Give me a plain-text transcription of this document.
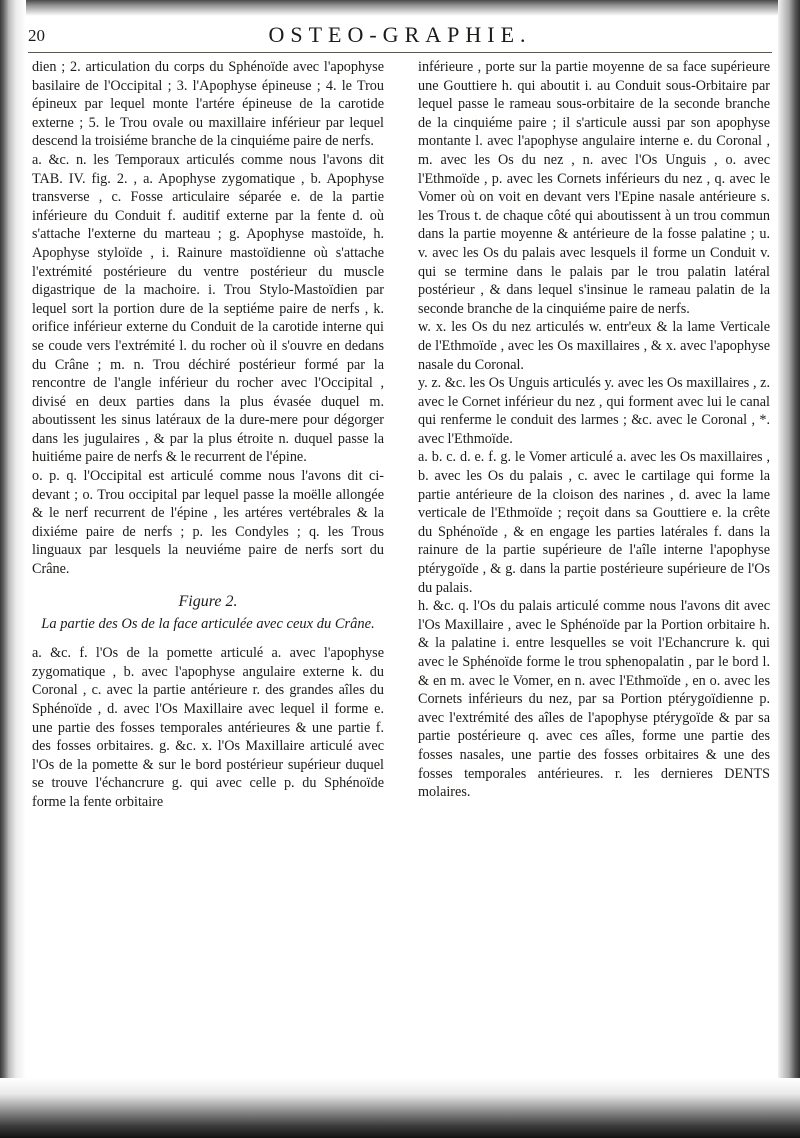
20	OSTEO-GRAPHIE.

dien ; 2. articulation du corps du Sphénoïde avec l'apophyse basilaire de l'Occipital ; 3. l'Apophyse épineuse ; 4. le Trou épineux par lequel monte l'artére épineuse de la carotide externe ; 5. le Trou ovale ou maxillaire inférieur par lequel descend la troisiéme branche de la cinquiéme paire de nerfs.

a. &c. n. les Temporaux articulés comme nous l'avons dit TAB. IV. fig. 2. , a. Apophyse zygomatique , b. Apophyse transverse , c. Fosse articulaire séparée e. de la partie inférieure du Conduit f. auditif externe par la fente d. où s'attache l'externe du marteau ; g. Apophyse mastoïde, h. Apophyse styloïde , i. Rainure mastoïdienne où s'attache l'extrémité postérieure du ventre postérieur du muscle digastrique de la machoire. i. Trou Stylo-Mastoïdien par lequel sort la portion dure de la septiéme paire de nerfs , k. orifice inférieur externe du Conduit de la carotide interne qui se coude vers l'extrémité l. du rocher où il s'ouvre en dedans du Crâne ; m. n. Trou déchiré postérieur formé par la rencontre de l'angle inférieur du rocher avec l'Occipital , divisé en deux parties dans la plus évasée duquel m. aboutissent les sinus latéraux de la dure-mere pour dégorger dans les jugulaires , & par la plus étroite n. duquel passe la huitiéme paire de nerfs & le recurrent de l'épine.

o. p. q. l'Occipital est articulé comme nous l'avons dit ci-devant ; o. Trou occipital par lequel passe la moëlle allongée & le nerf recurrent de l'épine , les artéres vertébrales & la dixiéme paire de nerfs ; p. les Condyles ; q. les Trous linguaux par lesquels la neuviéme paire de nerfs sort du Crâne.

Figure 2.

La partie des Os de la face articulée avec ceux du Crâne.

a. &c. f. l'Os de la pomette articulé a. avec l'apophyse zygomatique , b. avec l'apophyse angulaire externe k. du Coronal , c. avec la partie antérieure r. des grandes aîles du Sphénoïde , d. avec l'Os Maxillaire avec lequel il forme e. une partie des fosses temporales antérieures & une partie f. des fosses orbitaires. g. &c. x. l'Os Maxillaire articulé avec l'Os de la pomette & sur le bord postérieur supérieur duquel se trouve l'échancrure g. qui avec celle p. du Sphénoïde forme la fente orbitaire

inférieure , porte sur la partie moyenne de sa face supérieure une Gouttiere h. qui aboutit i. au Conduit sous-Orbitaire par lequel passe le rameau sous-orbitaire de la seconde branche de la cinquiéme paire ; il s'articule aussi par son apophyse montante l. avec l'apophyse angulaire interne e. du Coronal , m. avec les Os du nez , n. avec l'Os Unguis , o. avec l'Ethmoïde , p. avec les Cornets inférieurs du nez , q. avec le Vomer où on voit en devant vers l'Epine nasale antérieure s. les Trous t. de chaque côté qui aboutissent à un trou commun dans la partie moyenne & antérieure de la fosse palatine ; u. v. avec les Os du palais avec lesquels il forme un Conduit v. qui se termine dans le palais par le trou palatin latéral postérieur , & dans lequel s'insinue le rameau palatin de la seconde branche de la cinquiéme paire de nerfs.

w. x. les Os du nez articulés w. entr'eux & la lame Verticale de l'Ethmoïde , avec les Os maxillaires , & x. avec l'apophyse nasale du Coronal.

y. z. &c. les Os Unguis articulés y. avec les Os maxillaires , z. avec le Cornet inférieur du nez , qui forment avec lui le canal qui renferme le conduit des larmes ; &c. avec le Coronal , *. avec l'Ethmoïde.

a. b. c. d. e. f. g. le Vomer articulé a. avec les Os maxillaires , b. avec les Os du palais , c. avec le cartilage qui forme la partie antérieure de la cloison des narines , d. avec la lame verticale de l'Ethmoïde ; reçoit dans sa Gouttiere e. la crête du Sphénoïde , & en engage les parties latérales f. dans la rainure de la partie supérieure de l'aîle interne l'apophyse ptérygoïde , & g. dans la partie postérieure supérieure de l'Os du palais.

h. &c. q. l'Os du palais articulé comme nous l'avons dit avec l'Os Maxillaire , avec le Sphénoïde par la Portion orbitaire h. & la palatine i. entre lesquelles se voit l'Echancrure k. qui avec le Sphénoïde forme le trou sphenopalatin , par le bord l. & en m. avec le Vomer, en n. avec l'Ethmoïde , en o. avec les Cornets inférieurs du nez, par sa Portion ptérygoïdienne p. avec l'extrémité des aîles de l'apophyse ptérygoïde & par sa partie postérieure q. avec ces aîles, forme une partie des fosses nasales, une partie des fosses orbitaires & une des fosses temporales antérieures. r. les dernieres DENTS molaires.
